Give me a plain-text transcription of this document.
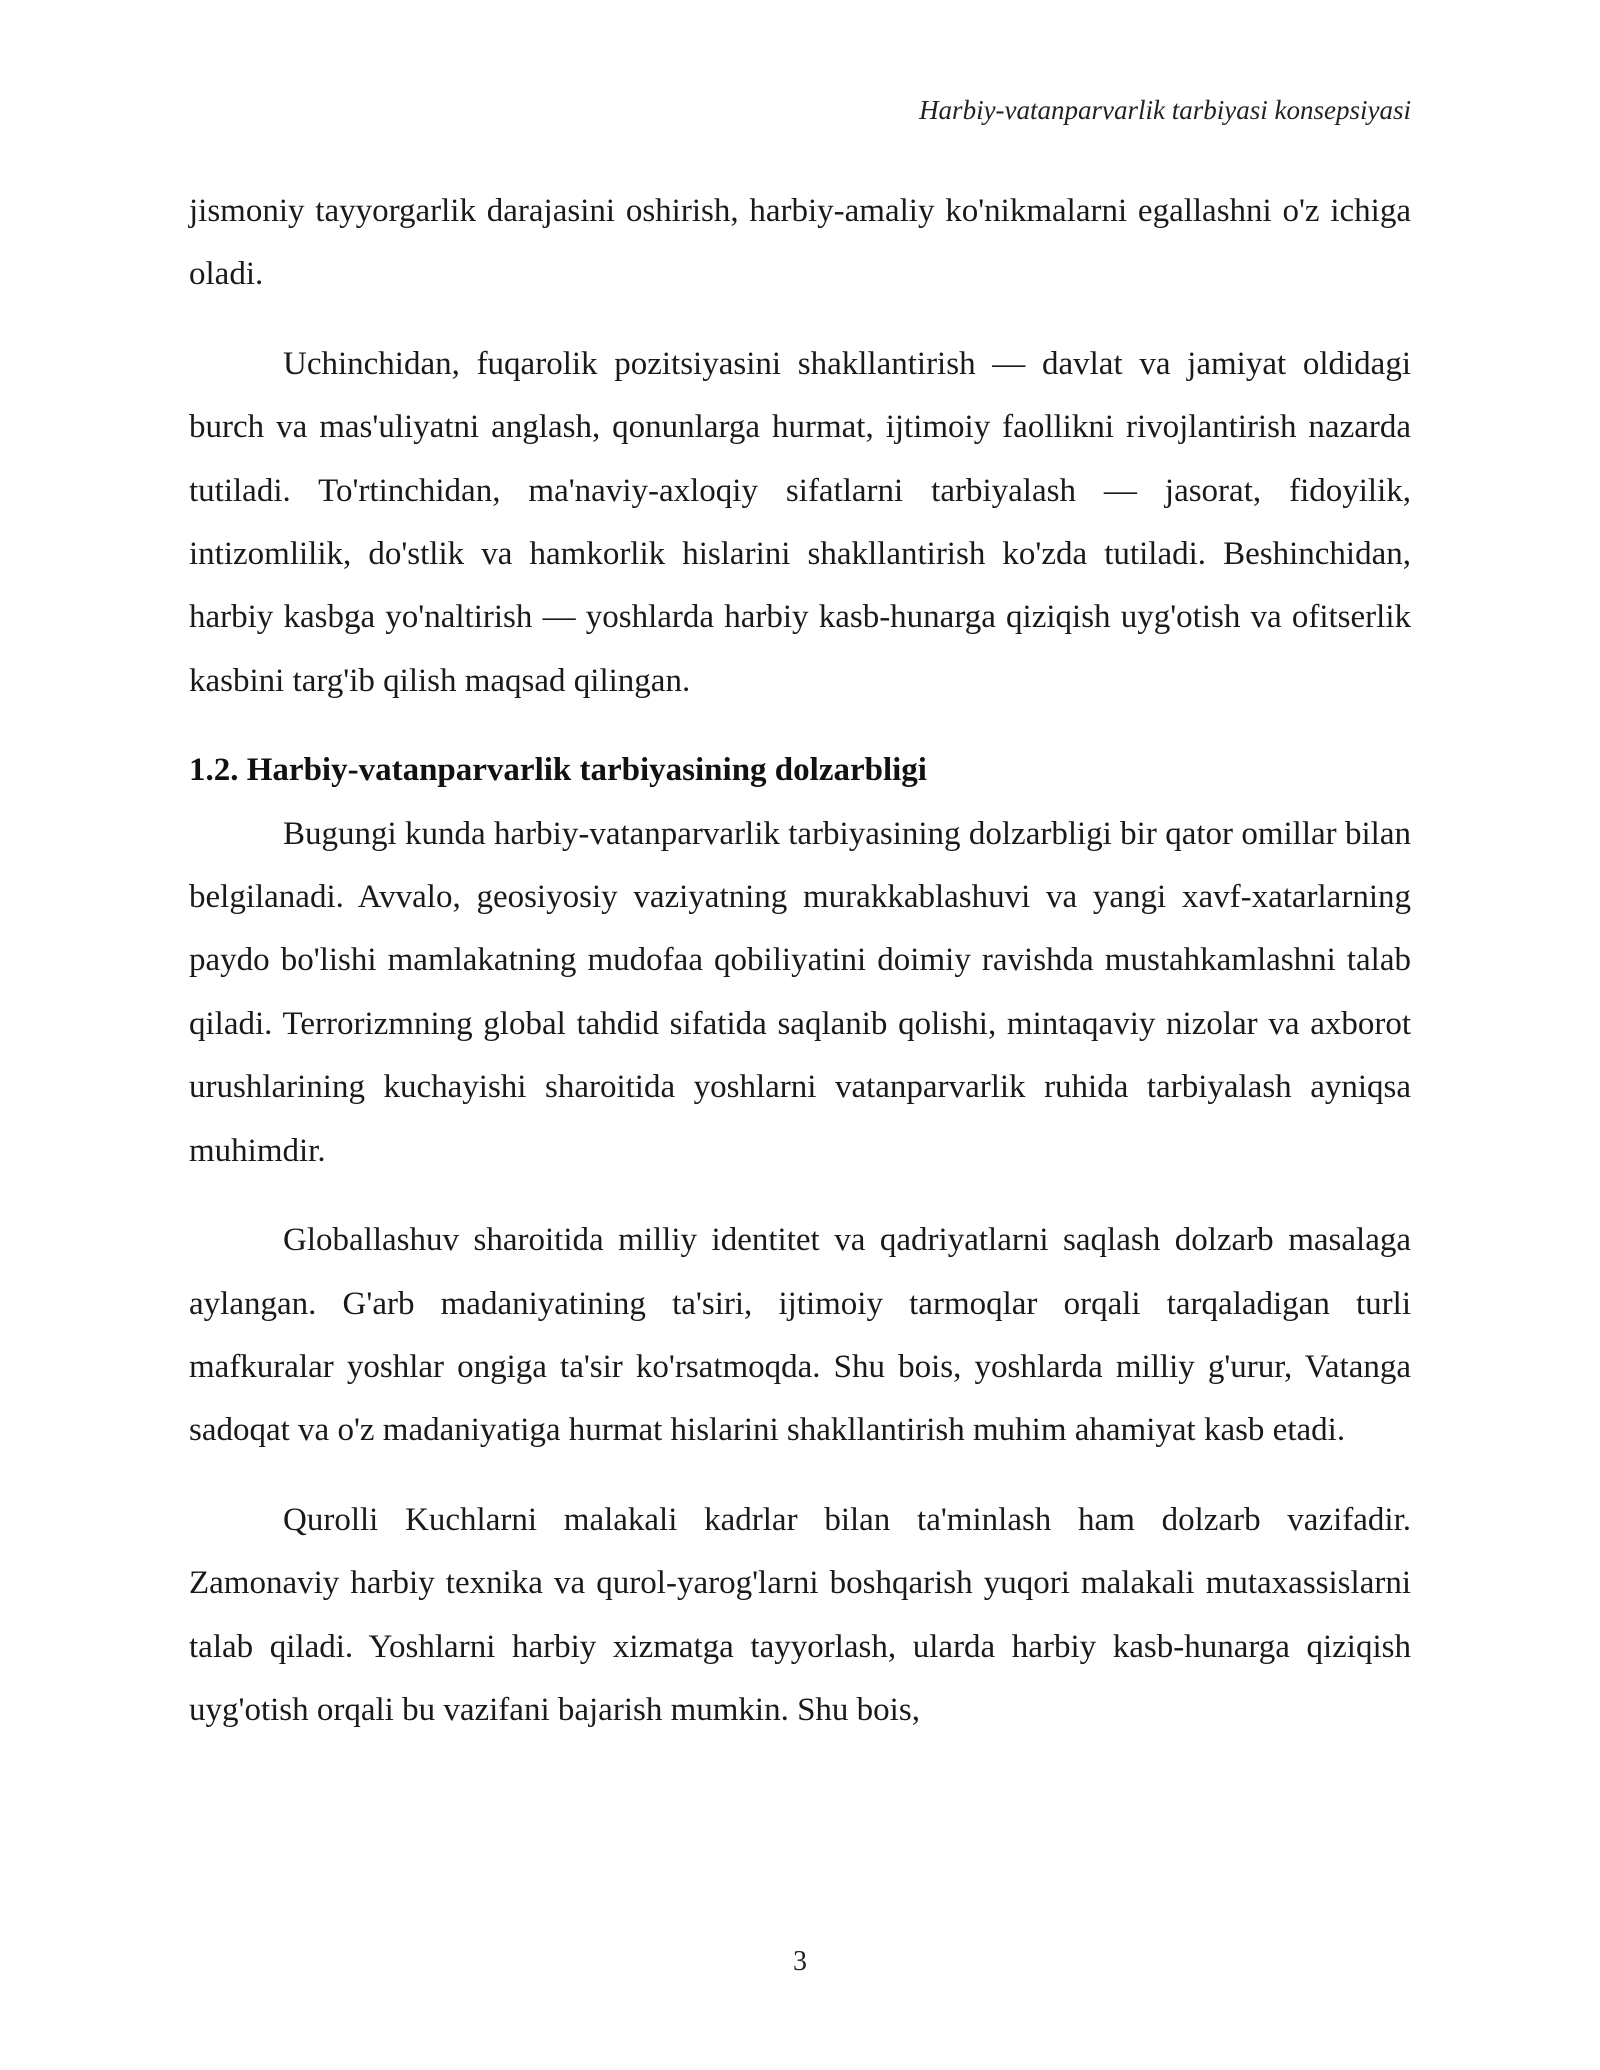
Harbiy-vatanparvarlik tarbiyasi konsepsiyasi

jismoniy tayyorgarlik darajasini oshirish, harbiy-amaliy ko'nikmalarni egallashni o'z ichiga oladi.

Uchinchidan, fuqarolik pozitsiyasini shakllantirish — davlat va jamiyat oldidagi burch va mas'uliyatni anglash, qonunlarga hurmat, ijtimoiy faollikni rivojlantirish nazarda tutiladi. To'rtinchidan, ma'naviy-axloqiy sifatlarni tarbiyalash — jasorat, fidoyilik, intizomlilik, do'stlik va hamkorlik hislarini shakllantirish ko'zda tutiladi. Beshinchidan, harbiy kasbga yo'naltirish — yoshlarda harbiy kasb-hunarga qiziqish uyg'otish va ofitserlik kasbini targ'ib qilish maqsad qilingan.

1.2. Harbiy-vatanparvarlik tarbiyasining dolzarbligi

Bugungi kunda harbiy-vatanparvarlik tarbiyasining dolzarbligi bir qator omillar bilan belgilanadi. Avvalo, geosiyosiy vaziyatning murakkablashuvi va yangi xavf-xatarlarning paydo bo'lishi mamlakatning mudofaa qobiliyatini doimiy ravishda mustahkamlashni talab qiladi. Terrorizmning global tahdid sifatida saqlanib qolishi, mintaqaviy nizolar va axborot urushlarining kuchayishi sharoitida yoshlarni vatanparvarlik ruhida tarbiyalash ayniqsa muhimdir.

Globallashuv sharoitida milliy identitet va qadriyatlarni saqlash dolzarb masalaga aylangan. G'arb madaniyatining ta'siri, ijtimoiy tarmoqlar orqali tarqaladigan turli mafkuralar yoshlar ongiga ta'sir ko'rsatmoqda. Shu bois, yoshlarda milliy g'urur, Vatanga sadoqat va o'z madaniyatiga hurmat hislarini shakllantirish muhim ahamiyat kasb etadi.

Qurolli Kuchlarni malakali kadrlar bilan ta'minlash ham dolzarb vazifadir. Zamonaviy harbiy texnika va qurol-yarog'larni boshqarish yuqori malakali mutaxassislarni talab qiladi. Yoshlarni harbiy xizmatga tayyorlash, ularda harbiy kasb-hunarga qiziqish uyg'otish orqali bu vazifani bajarish mumkin. Shu bois,

3
